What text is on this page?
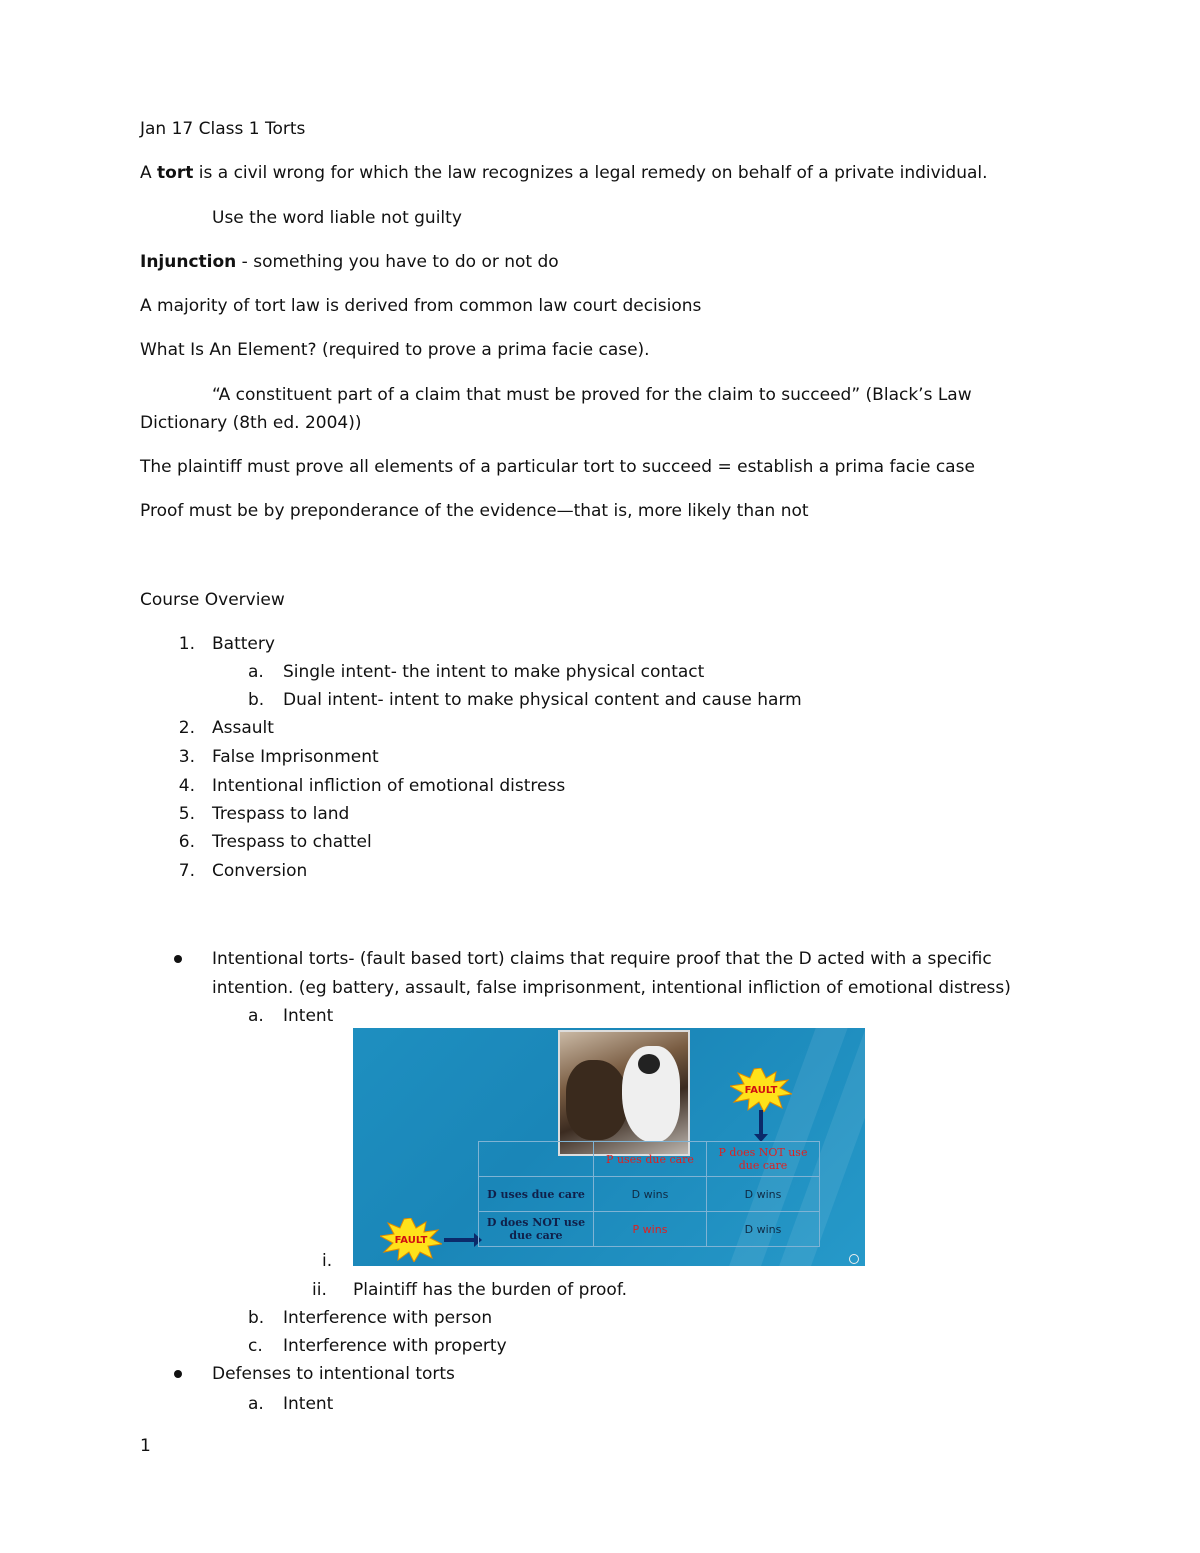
Jan 17 Class 1 Torts
A tort is a civil wrong for which the law recognizes a legal remedy on behalf of a private individual.
Use the word liable not guilty
Injunction - something you have to do or not do
A majority of tort law is derived from common law court decisions
What Is An Element? (required to prove a prima facie case).
“A constituent part of a claim that must be proved for the claim to succeed” (Black’s Law
Dictionary (8th ed. 2004))
The plaintiff must prove all elements of a particular tort to succeed = establish a prima facie case
Proof must be by preponderance of the evidence—that is, more likely than not
Course Overview
1. Battery
a. Single intent- the intent to make physical contact
b. Dual intent- intent to make physical content and cause harm
2. Assault
3. False Imprisonment
4. Intentional infliction of emotional distress
5. Trespass to land
6. Trespass to chattel
7. Conversion
Intentional torts- (fault based tort) claims that require proof that the D acted with a specific
intention. (eg battery, assault, false imprisonment, intentional infliction of emotional distress)
a. Intent
FAULT
FAULT
	P uses due care	P does NOT use due care
D uses due care	D wins	D wins
D does NOT use due care	P wins	D wins
i.
ii. Plaintiff has the burden of proof.
b. Interference with person
c. Interference with property
Defenses to intentional torts
a. Intent
1
